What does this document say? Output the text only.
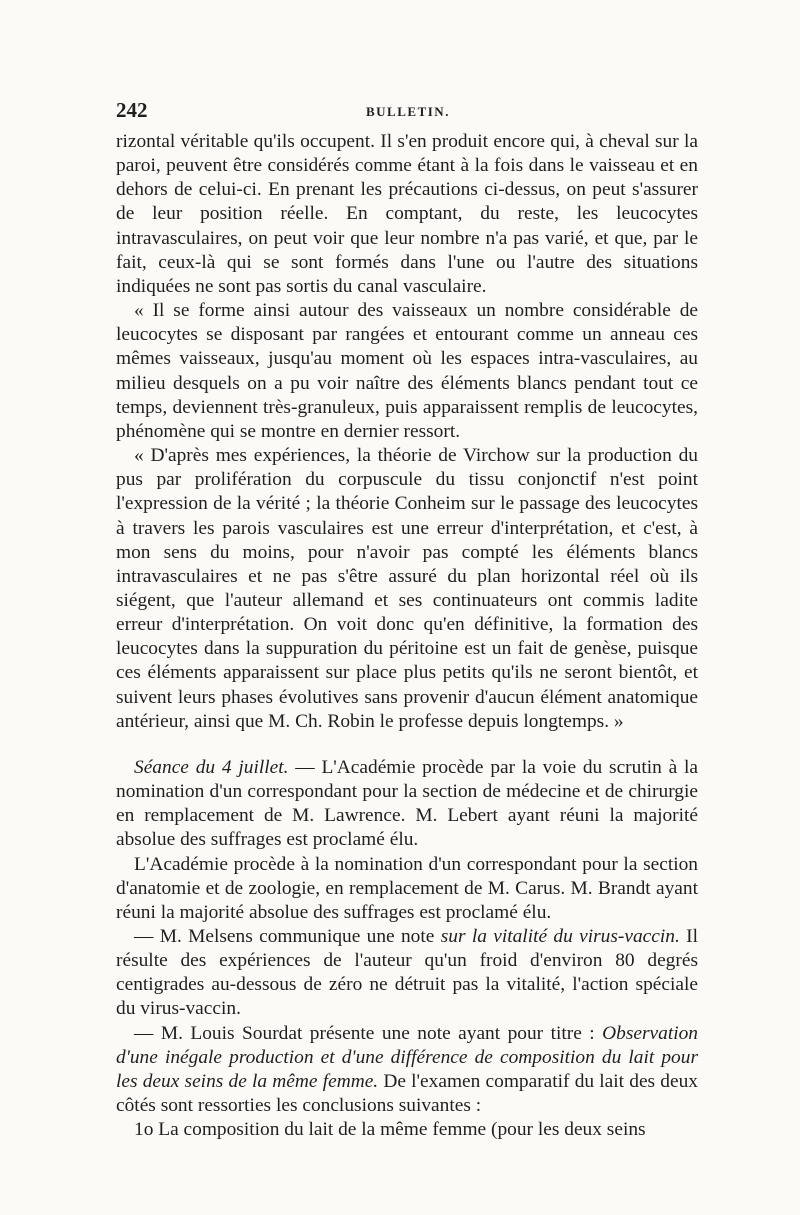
242	BULLETIN.

rizontal véritable qu'ils occupent. Il s'en produit encore qui, à cheval sur la paroi, peuvent être considérés comme étant à la fois dans le vaisseau et en dehors de celui-ci. En prenant les précautions ci-dessus, on peut s'assurer de leur position réelle. En comptant, du reste, les leucocytes intravasculaires, on peut voir que leur nombre n'a pas varié, et que, par le fait, ceux-là qui se sont formés dans l'une ou l'autre des situations indiquées ne sont pas sortis du canal vasculaire.

« Il se forme ainsi autour des vaisseaux un nombre considérable de leucocytes se disposant par rangées et entourant comme un anneau ces mêmes vaisseaux, jusqu'au moment où les espaces intra-vasculaires, au milieu desquels on a pu voir naître des éléments blancs pendant tout ce temps, deviennent très-granuleux, puis apparaissent remplis de leucocytes, phénomène qui se montre en dernier ressort.

« D'après mes expériences, la théorie de Virchow sur la production du pus par prolifération du corpuscule du tissu conjonctif n'est point l'expression de la vérité ; la théorie Conheim sur le passage des leucocytes à travers les parois vasculaires est une erreur d'interprétation, et c'est, à mon sens du moins, pour n'avoir pas compté les éléments blancs intravasculaires et ne pas s'être assuré du plan horizontal réel où ils siégent, que l'auteur allemand et ses continuateurs ont commis ladite erreur d'interprétation. On voit donc qu'en définitive, la formation des leucocytes dans la suppuration du péritoine est un fait de genèse, puisque ces éléments apparaissent sur place plus petits qu'ils ne seront bientôt, et suivent leurs phases évolutives sans provenir d'aucun élément anatomique antérieur, ainsi que M. Ch. Robin le professe depuis longtemps. »

Séance du 4 juillet. — L'Académie procède par la voie du scrutin à la nomination d'un correspondant pour la section de médecine et de chirurgie en remplacement de M. Lawrence. M. Lebert ayant réuni la majorité absolue des suffrages est proclamé élu.

L'Académie procède à la nomination d'un correspondant pour la section d'anatomie et de zoologie, en remplacement de M. Carus. M. Brandt ayant réuni la majorité absolue des suffrages est proclamé élu.

— M. Melsens communique une note sur la vitalité du virus-vaccin. Il résulte des expériences de l'auteur qu'un froid d'environ 80 degrés centigrades au-dessous de zéro ne détruit pas la vitalité, l'action spéciale du virus-vaccin.

— M. Louis Sourdat présente une note ayant pour titre : Observation d'une inégale production et d'une différence de composition du lait pour les deux seins de la même femme. De l'examen comparatif du lait des deux côtés sont ressorties les conclusions suivantes :

1o La composition du lait de la même femme (pour les deux seins
